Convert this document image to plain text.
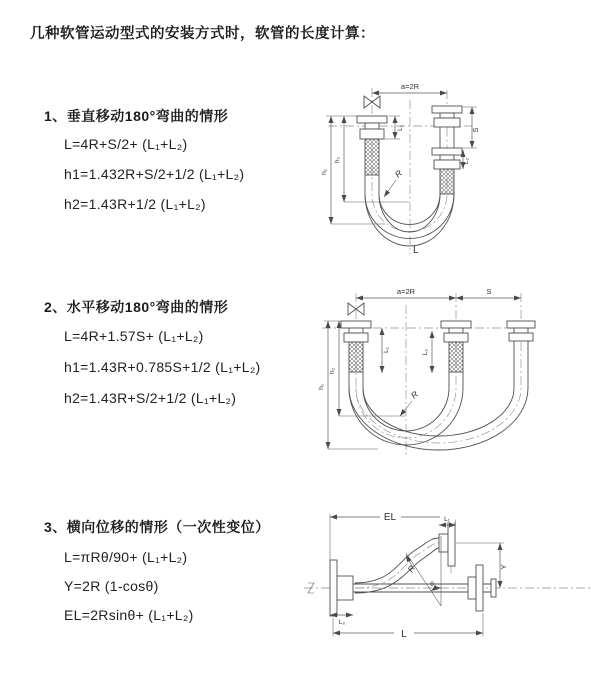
几种软管运动型式的安装方式时，软管的长度计算：
1、垂直移动180°弯曲的情形
L=4R+S/2+ (L₁+L₂)
h1=1.432R+S/2+1/2 (L₁+L₂)
h2=1.43R+1/2 (L₁+L₂)
2、水平移动180°弯曲的情形
L=4R+1.57S+ (L₁+L₂)
h1=1.43R+0.785S+1/2 (L₁+L₂)
h2=1.43R+S/2+1/2 (L₁+L₂)
3、横向位移的情形（一次性变位）
L=πRθ/90+ (L₁+L₂)
Y=2R (1-cosθ)
EL=2Rsinθ+ (L₁+L₂)
a=2R
S
L₂
L₁
h₂
h₁	R
L
a=2R	S
L₁	L₂
h₂
h₁
R
EL	L₁
Y
θ
R
L₂
L
